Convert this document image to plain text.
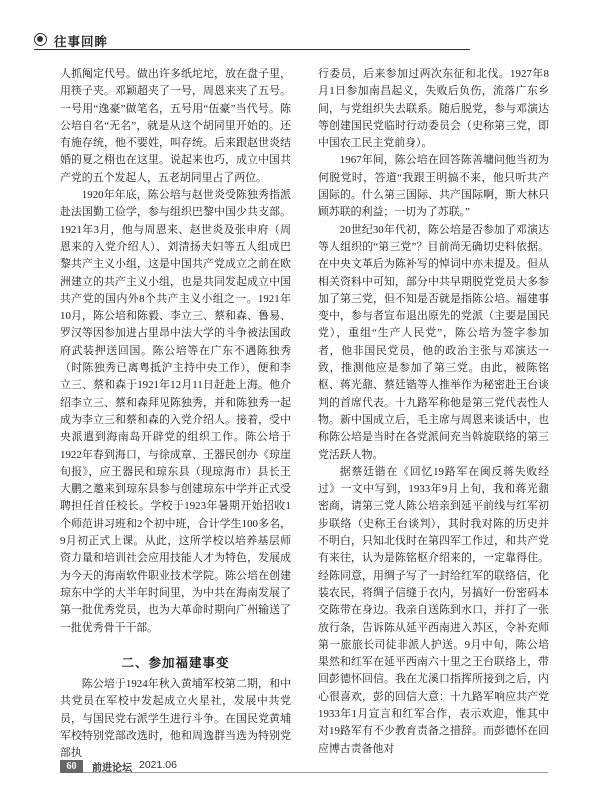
往事回眸

人抓阄定代号。做出许多纸坨坨，放在盘子里，用筷子夹。邓颖超夹了一号，周恩来夹了五号。一号用“逸豪”做笔名，五号用“伍豪”当代号。陈公培自名“无名”，就是从这个胡同里开始的。还有施存统，他不要姓，叫存统。后来跟赵世炎结婚的夏之栩也在这里。说起来也巧，成立中国共产党的五个发起人，五老胡同里占了两位。

1920年年底，陈公培与赵世炎受陈独秀指派赴法国勤工俭学，参与组织巴黎中国少共支部。1921年3月，他与周恩来、赵世炎及张申府（周恩来的入党介绍人）、刘清扬夫妇等五人组成巴黎共产主义小组，这是中国共产党成立之前在欧洲建立的共产主义小组，也是共同发起成立中国共产党的国内外8个共产主义小组之一。1921年10月，陈公培和陈毅、李立三、蔡和森、鲁易、罗汉等因参加进占里昂中法大学的斗争被法国政府武装押送回国。陈公培等在广东不遇陈独秀（时陈独秀已离粤抵沪主持中央工作），便和李立三、蔡和森于1921年12月11日赶赴上海。他介绍李立三、蔡和森拜见陈独秀，并和陈独秀一起成为李立三和蔡和森的入党介绍人。接着，受中央派遣到海南岛开辟党的组织工作。陈公培于1922年春到海口，与徐成章、王器民创办《琼崖旬报》，应王器民和琼东县（现琼海市）县长王大鹏之邀来到琼东县参与创建琼东中学并正式受聘担任首任校长。学校于1923年暑期开始招收1个师范讲习班和2个初中班，合计学生100多名，9月初正式上课。从此，这所学校以培养基层师资力量和培训社会应用技能人才为特色，发展成为今天的海南软件职业技术学院。陈公培在创建琼东中学的大半年时间里，为中共在海南发展了第一批优秀党员，也为大革命时期向广州输送了一批优秀骨干干部。

二、参加福建事变

陈公培于1924年秋入黄埔军校第二期，和中共党员在军校中发起成立火星社，发展中共党员，与国民党右派学生进行斗争。在国民党黄埔军校特别党部改选时，他和周逸群当选为特别党部执

行委员，后来参加过两次东征和北伐。1927年8月1日参加南昌起义，失败后负伤，流落广东乡间，与党组织失去联系。随后脱党，参与邓演达等创建国民党临时行动委员会（史称第三党，即中国农工民主党前身）。

1967年间，陈公培在回答陈善墉问他当初为何脱党时，答道“我跟王明搞不来，他只听共产国际的。什么第三国际、共产国际啊，斯大林只顾苏联的利益；一切为了苏联。”

20世纪30年代初，陈公培是否参加了邓演达等人组织的“第三党”？目前尚无确切史料依据。在中央文革后为陈补写的悼词中亦未提及。但从相关资料中可知，部分中共早期脱党党员大多参加了第三党，但不知是否就是指陈公培。福建事变中，参与者宣布退出原先的党派（主要是国民党），重组“生产人民党”，陈公培为签字参加者，他非国民党员，他的政治主张与邓演达一致，推测他应是参加了第三党。由此，被陈铭枢、蒋光鼐、蔡廷锴等人推举作为秘密赴王台谈判的首席代表。十九路军称他是第三党代表性人物。新中国成立后，毛主席与周恩来谈话中，也称陈公培是当时在各党派间充当斡旋联络的第三党活跃人物。

据蔡廷锴在《回忆19路军在闽反蒋失败经过》一文中写到，1933年9月上旬，我和蒋光鼐密商，请第三党人陈公培亲到延平前线与红军初步联络（史称王台谈判），其时我对陈的历史并不明白，只知北伐时在第四军工作过，和共产党有来往，认为是陈铭枢介绍来的，一定靠得住。经陈同意，用绸子写了一封给红军的联络信，化装农民，将绸子信缝于衣内，另搞好一份密码本交陈带在身边。我亲自送陈到水口，并打了一张放行条，告诉陈从延平西南进入苏区，令补充师第一旅旅长司徒非派人护送。9月中旬，陈公培果然和红军在延平西南六十里之王台联络上，带回彭德怀回信。我在尤溪口指挥所接到之后，内心很喜欢，彭的回信大意：十九路军响应共产党1933年1月宣言和红军合作，表示欢迎，惟其中对19路军有不少教育责备之措辞。而彭德怀在回应博古责备他对

60	前进论坛 2021.06
